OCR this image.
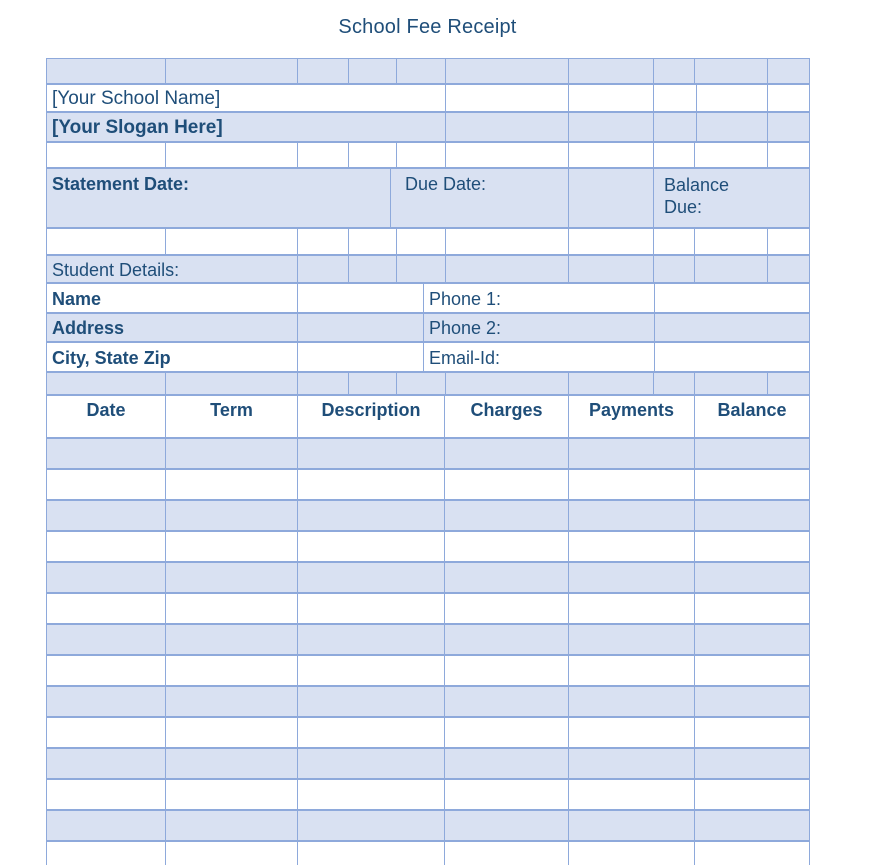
School Fee Receipt
[Your School Name]
[Your Slogan Here]
Statement Date:	Due Date:	Balance Due:
Student Details:
Name	Phone 1:
Address	Phone 2:
City, State Zip	Email-Id:
Date	Term	Description	Charges	Payments	Balance
